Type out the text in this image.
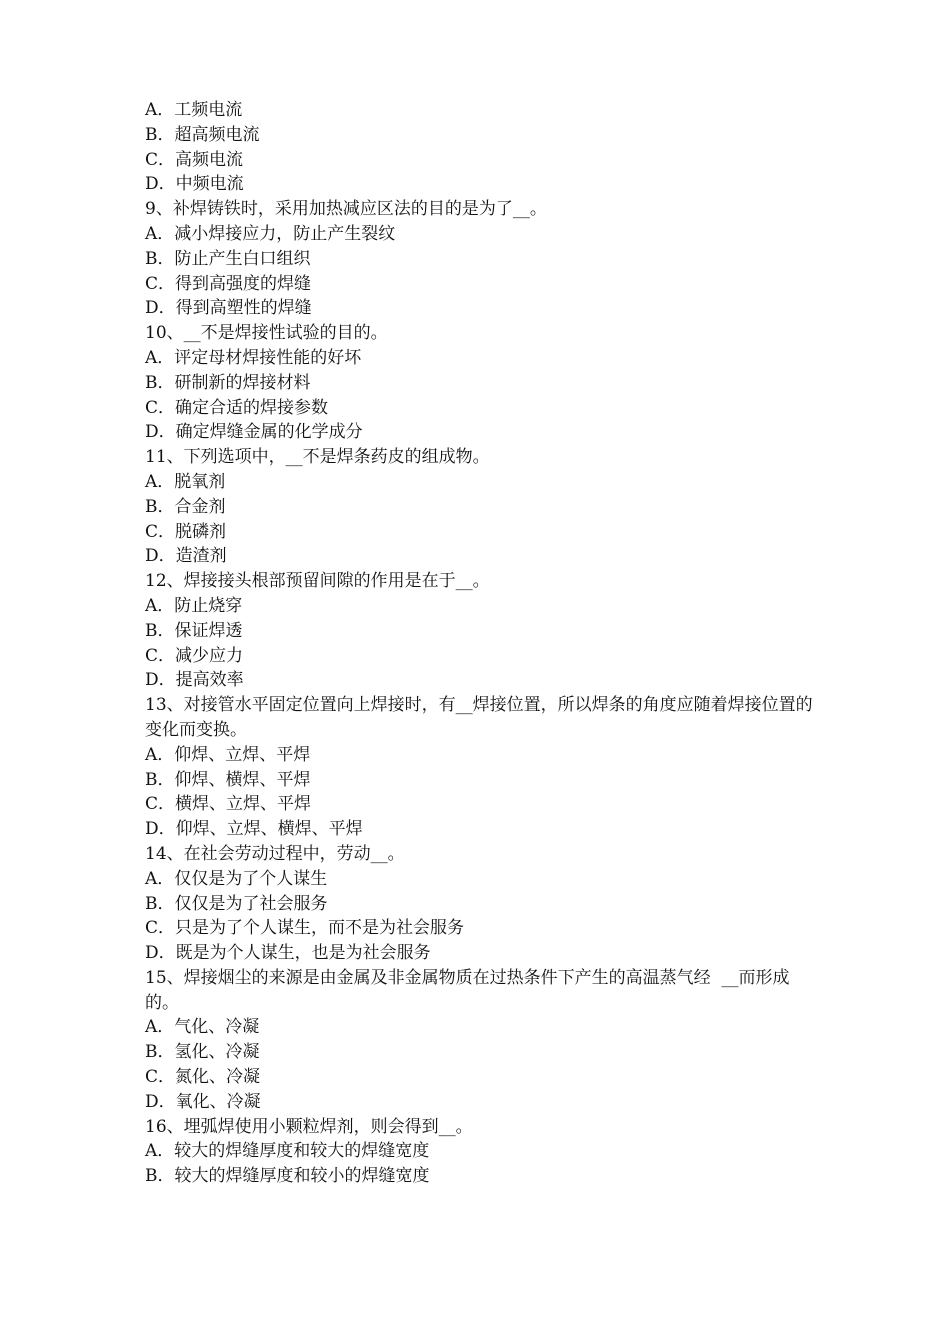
A．工频电流
B．超高频电流
C．高频电流
D．中频电流
9、补焊铸铁时，采用加热减应区法的目的是为了__。
A．减小焊接应力，防止产生裂纹
B．防止产生白口组织
C．得到高强度的焊缝
D．得到高塑性的焊缝
10、__不是焊接性试验的目的。
A．评定母材焊接性能的好坏
B．研制新的焊接材料
C．确定合适的焊接参数
D．确定焊缝金属的化学成分
11、下列选项中，__不是焊条药皮的组成物。
A．脱氧剂
B．合金剂
C．脱磷剂
D．造渣剂
12、焊接接头根部预留间隙的作用是在于__。
A．防止烧穿
B．保证焊透
C．减少应力
D．提高效率
13、对接管水平固定位置向上焊接时，有__焊接位置，所以焊条的角度应随着焊接位置的变化而变换。
A．仰焊、立焊、平焊
B．仰焊、横焊、平焊
C．横焊、立焊、平焊
D．仰焊、立焊、横焊、平焊
14、在社会劳动过程中，劳动__。
A．仅仅是为了个人谋生
B．仅仅是为了社会服务
C．只是为了个人谋生，而不是为社会服务
D．既是为个人谋生，也是为社会服务
15、焊接烟尘的来源是由金属及非金属物质在过热条件下产生的高温蒸气经  __而形成的。
A．气化、冷凝
B．氢化、冷凝
C．氮化、冷凝
D．氧化、冷凝
16、埋弧焊使用小颗粒焊剂，则会得到__。
A．较大的焊缝厚度和较大的焊缝宽度
B．较大的焊缝厚度和较小的焊缝宽度
